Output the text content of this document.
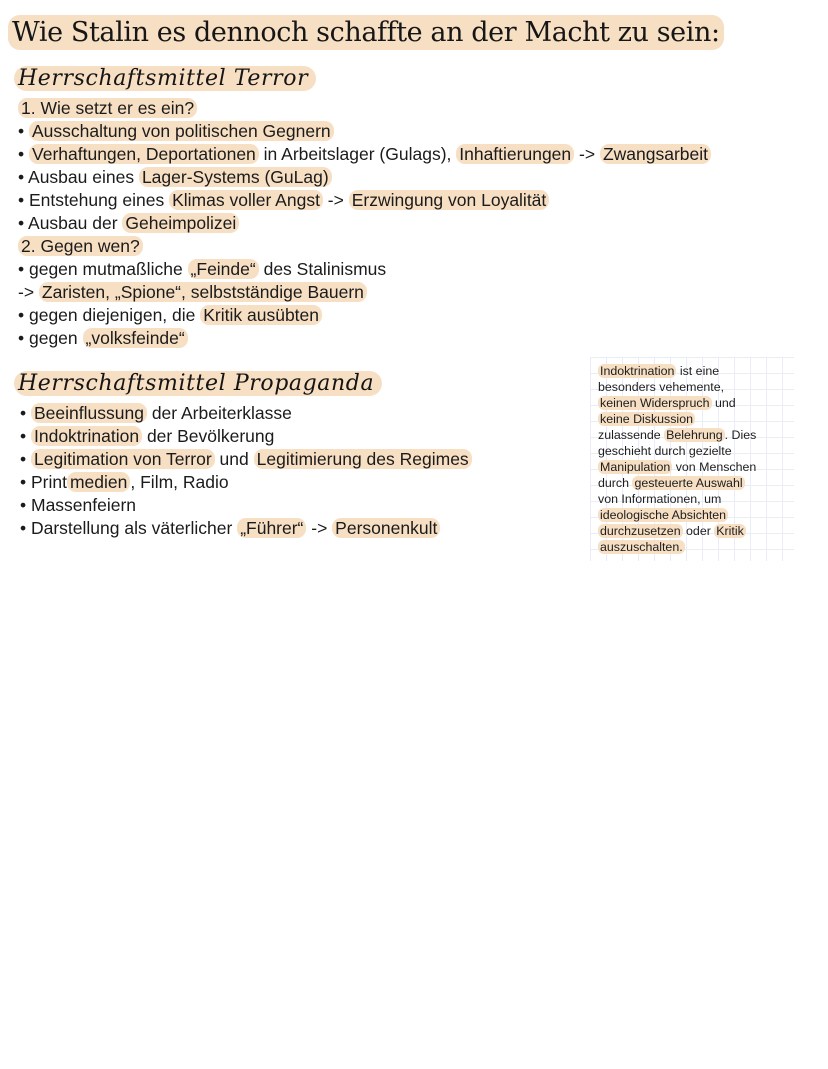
Wie Stalin es dennoch schaffte an der Macht zu sein:
Herrschaftsmittel Terror
1. Wie setzt er es ein?
• Ausschaltung von politischen Gegnern
• Verhaftungen, Deportationen in Arbeitslager (Gulags), Inhaftierungen -> Zwangsarbeit
• Ausbau eines Lager-Systems (GuLag)
• Entstehung eines Klimas voller Angst -> Erzwingung von Loyalität
• Ausbau der Geheimpolizei
2. Gegen wen?
• gegen mutmaßliche „Feinde“ des Stalinismus
-> Zaristen, „Spione“, selbstständige Bauern
• gegen diejenigen, die Kritik ausübten
• gegen „volksfeinde“
Herrschaftsmittel Propaganda
• Beeinflussung der Arbeiterklasse
• Indoktrination der Bevölkerung
• Legitimation von Terror und Legitimierung des Regimes
• Print medien , Film, Radio
• Massenfeiern
• Darstellung als väterlicher „Führer“ -> Personenkult
Indoktrination ist eine
besonders vehemente,
keinen Widerspruch und
keine Diskussion
zulassende Belehrung . Dies
geschieht durch gezielte
Manipulation von Menschen
durch gesteuerte Auswahl
von Informationen, um
ideologische Absichten
durchzusetzen oder Kritik
auszuschalten.
